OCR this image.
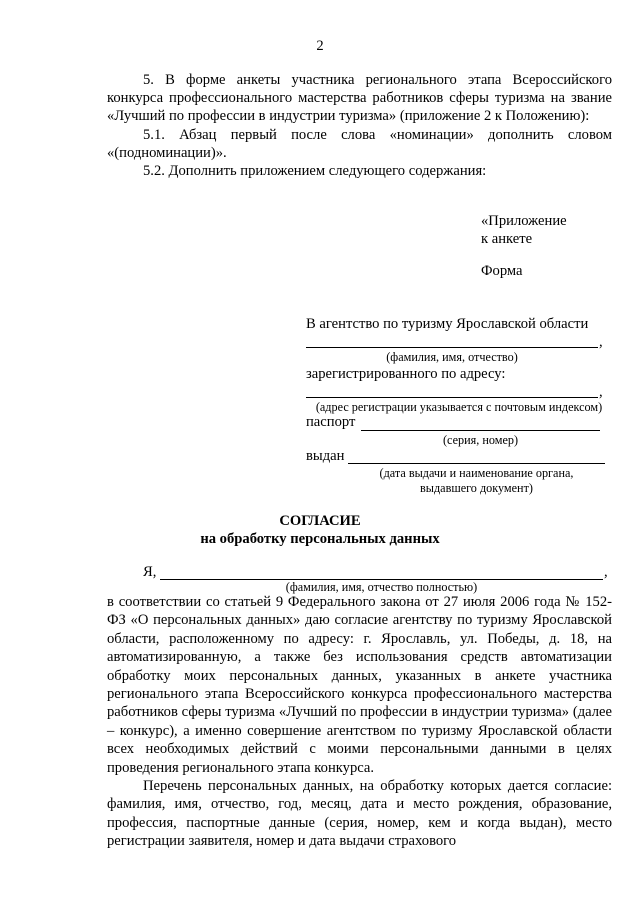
2

5. В форме анкеты участника регионального этапа Всероссийского конкурса профессионального мастерства работников сферы туризма на звание «Лучший по профессии в индустрии туризма» (приложение 2 к Положению):

5.1. Абзац первый после слова «номинации» дополнить словом «(подноминации)».

5.2. Дополнить приложением следующего содержания:

«Приложение
к анкете
Форма
В агентство по туризму Ярославской области
,
(фамилия, имя, отчество)
зарегистрированного по адресу:
,
(адрес регистрации указывается с почтовым индексом)
паспорт
(серия, номер)
выдан
(дата выдачи и наименование органа,
выдавшего документ)
СОГЛАСИЕ
на обработку персональных данных
Я,	,
(фамилия, имя, отчество полностью)

в соответствии со статьей 9 Федерального закона от 27 июля 2006 года № 152-ФЗ «О персональных данных» даю согласие агентству по туризму Ярославской области, расположенному по адресу: г. Ярославль, ул. Победы, д. 18, на автоматизированную, а также без использования средств автоматизации обработку моих персональных данных, указанных в анкете участника регионального этапа Всероссийского конкурса профессионального мастерства работников сферы туризма «Лучший по профессии в индустрии туризма» (далее – конкурс), а именно совершение агентством по туризму Ярославской области всех необходимых действий с моими персональными данными в целях проведения регионального этапа конкурса.

Перечень персональных данных, на обработку которых дается согласие: фамилия, имя, отчество, год, месяц, дата и место рождения, образование, профессия, паспортные данные (серия, номер, кем и когда выдан), место регистрации заявителя, номер и дата выдачи страхового
